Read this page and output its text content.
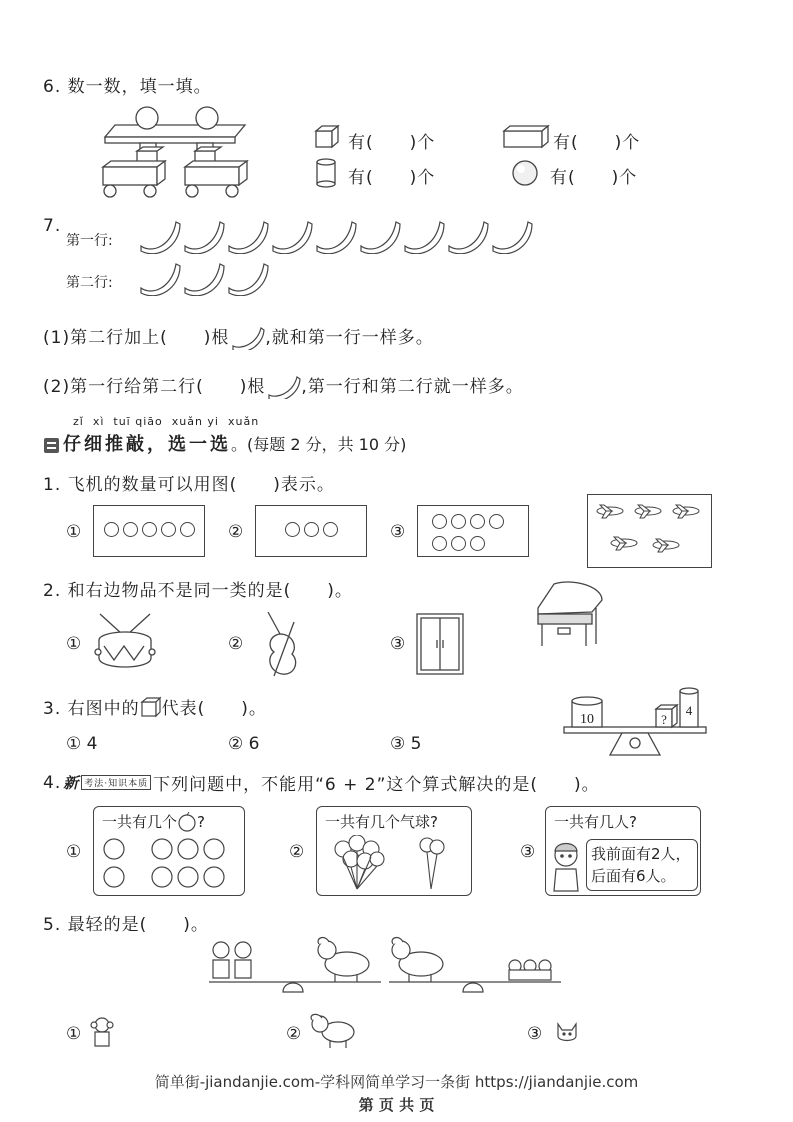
6. 数一数，填一填。
有(　　)个	有(　　)个
有(　　)个	有(　　)个
7.
第一行:
第二行:
(1)第二行加上(　　)根 ,就和第一行一样多。
(2)第一行给第二行(　　)根 ,第一行和第二行就一样多。
zǐ  xì  tuī qiāo  xuǎn yi  xuǎn
仔细推敲，选一选。(每题 2 分，共 10 分)
1. 飞机的数量可以用图(　　)表示。
①	②	③
2. 和右边物品不是同一类的是(　　)。
①	②	③
3. 右图中的 代表(　　)。
① 4	② 6	③ 5
10	?
4
4. 新 考法·知识本质 下列问题中，不能用“6 + 2”这个算式解决的是(　　)。
①
一共有几个 ?
②
一共有几个气球?
③
一共有几人?
我前面有2人，
后面有6人。
5. 最轻的是(　　)。
①	②	③
简单街-jiandanjie.com-学科网简单学习一条街 https://jiandanjie.com
第 页 共 页
